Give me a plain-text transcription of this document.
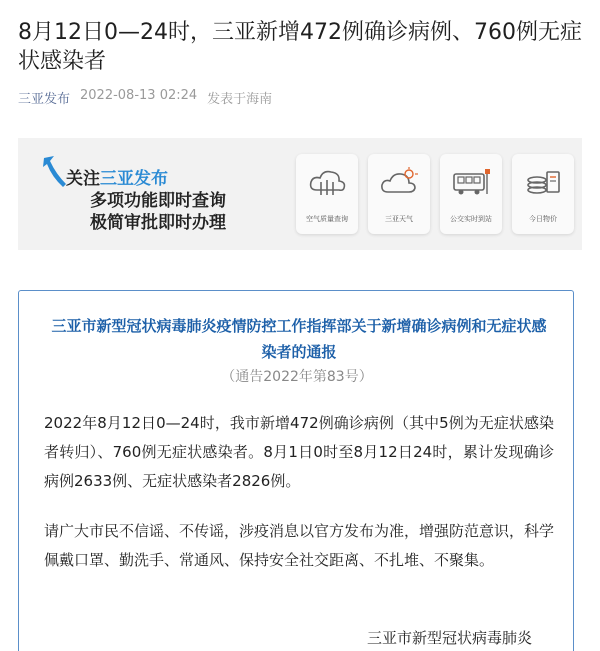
8月12日0—24时，三亚新增472例确诊病例、760例无症状感染者
三亚发布 2022-08-13 02:24 发表于海南
关注三亚发布
多项功能即时查询
极简审批即时办理	空气质量查询	三亚天气	公交实时到站	今日物价
三亚市新型冠状病毒肺炎疫情防控工作指挥部关于新增确诊病例和无症状感染者的通报
（通告2022年第83号）

2022年8月12日0—24时，我市新增472例确诊病例（其中5例为无症状感染者转归）、760例无症状感染者。8月1日0时至8月12日24时，累计发现确诊病例2633例、无症状感染者2826例。

请广大市民不信谣、不传谣，涉疫消息以官方发布为准，增强防范意识，科学佩戴口罩、勤洗手、常通风、保持安全社交距离、不扎堆、不聚集。

三亚市新型冠状病毒肺炎
